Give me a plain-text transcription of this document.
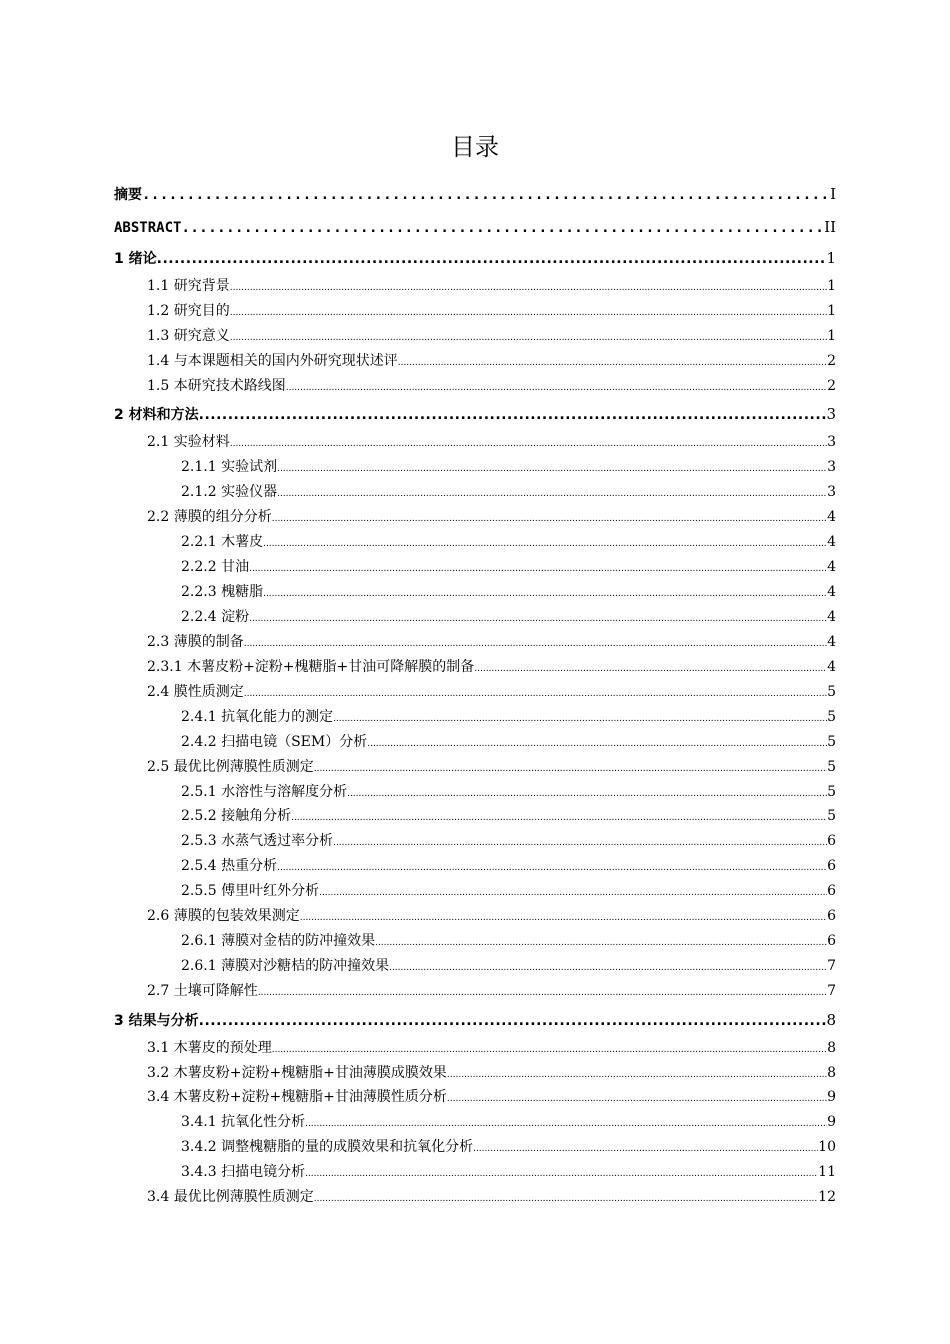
目录
摘要 .....	I
ABSTRACT .....	II
1 绪论 .....	1
1.1 研究背景 .....	1
1.2 研究目的 .....	1
1.3 研究意义 .....	1
1.4 与本课题相关的国内外研究现状述评 .....	2
1.5 本研究技术路线图 .....	2
2 材料和方法 .....	3
2.1 实验材料 .....	3
2.1.1 实验试剂 .....	3
2.1.2 实验仪器 .....	3
2.2 薄膜的组分分析 .....	4
2.2.1 木薯皮 .....	4
2.2.2 甘油 .....	4
2.2.3 槐糖脂 .....	4
2.2.4 淀粉 .....	4
2.3 薄膜的制备 .....	4
2.3.1 木薯皮粉+淀粉+槐糖脂+甘油可降解膜的制备 .....	4
2.4 膜性质测定 .....	5
2.4.1 抗氧化能力的测定 .....	5
2.4.2 扫描电镜（SEM）分析 .....	5
2.5 最优比例薄膜性质测定 .....	5
2.5.1 水溶性与溶解度分析 .....	5
2.5.2 接触角分析 .....	5
2.5.3 水蒸气透过率分析 .....	6
2.5.4 热重分析 .....	6
2.5.5 傅里叶红外分析 .....	6
2.6 薄膜的包装效果测定 .....	6
2.6.1 薄膜对金桔的防冲撞效果 .....	6
2.6.1 薄膜对沙糖桔的防冲撞效果 .....	7
2.7 土壤可降解性 .....	7
3 结果与分析 .....	8
3.1 木薯皮的预处理 .....	8
3.2 木薯皮粉+淀粉+槐糖脂+甘油薄膜成膜效果 .....	8
3.4 木薯皮粉+淀粉+槐糖脂+甘油薄膜性质分析 .....	9
3.4.1 抗氧化性分析 .....	9
3.4.2 调整槐糖脂的量的成膜效果和抗氧化分析 .....	10
3.4.3 扫描电镜分析 .....	11
3.4 最优比例薄膜性质测定 .....	12
